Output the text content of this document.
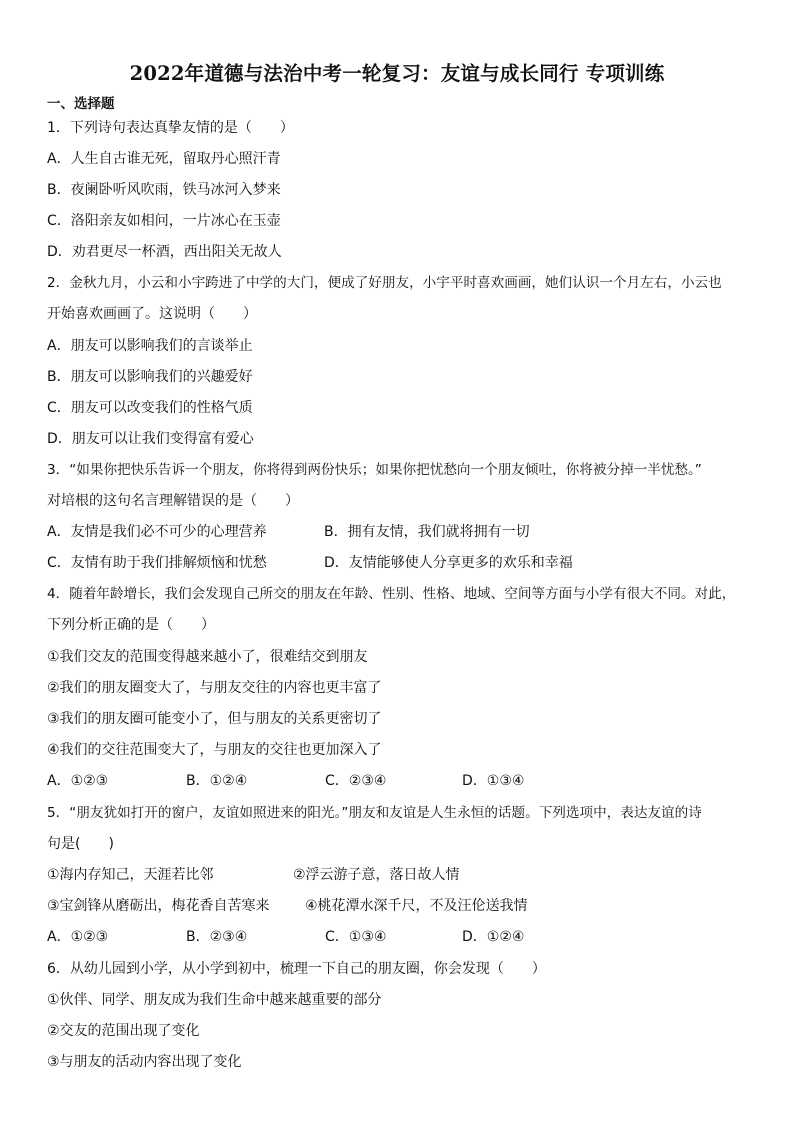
2022年道德与法治中考一轮复习：友谊与成长同行 专项训练
一、选择题
1．下列诗句表达真挚友情的是（　　）
A．人生自古谁无死，留取丹心照汗青
B．夜阑卧听风吹雨，铁马冰河入梦来
C．洛阳亲友如相问，一片冰心在玉壶
D．劝君更尽一杯酒，西出阳关无故人
2．金秋九月，小云和小宇跨进了中学的大门，便成了好朋友，小宇平时喜欢画画，她们认识一个月左右，小云也
开始喜欢画画了。这说明（　　）
A．朋友可以影响我们的言谈举止
B．朋友可以影响我们的兴趣爱好
C．朋友可以改变我们的性格气质
D．朋友可以让我们变得富有爱心
3．“如果你把快乐告诉一个朋友，你将得到两份快乐；如果你把忧愁向一个朋友倾吐，你将被分掉一半忧愁。”
对培根的这句名言理解错误的是（　　）
A．友情是我们必不可少的心理营养	B．拥有友情，我们就将拥有一切
C．友情有助于我们排解烦恼和忧愁	D．友情能够使人分享更多的欢乐和幸福
4．随着年龄增长，我们会发现自己所交的朋友在年龄、性别、性格、地域、空间等方面与小学有很大不同。对此，
下列分析正确的是（　　）
①我们交友的范围变得越来越小了，很难结交到朋友
②我们的朋友圈变大了，与朋友交往的内容也更丰富了
③我们的朋友圈可能变小了，但与朋友的关系更密切了
④我们的交往范围变大了，与朋友的交往也更加深入了
A．①②③	B．①②④	C．②③④	D．①③④
5．“朋友犹如打开的窗户，友谊如照进来的阳光。”朋友和友谊是人生永恒的话题。下列选项中，表达友谊的诗
句是(　　)
①海内存知己，天涯若比邻	②浮云游子意，落日故人情
③宝剑锋从磨砺出，梅花香自苦寒来	④桃花潭水深千尺，不及汪伦送我情
A．①②③	B．②③④	C．①③④	D．①②④
6．从幼儿园到小学，从小学到初中，梳理一下自己的朋友圈，你会发现（　　）
①伙伴、同学、朋友成为我们生命中越来越重要的部分
②交友的范围出现了变化
③与朋友的活动内容出现了变化
